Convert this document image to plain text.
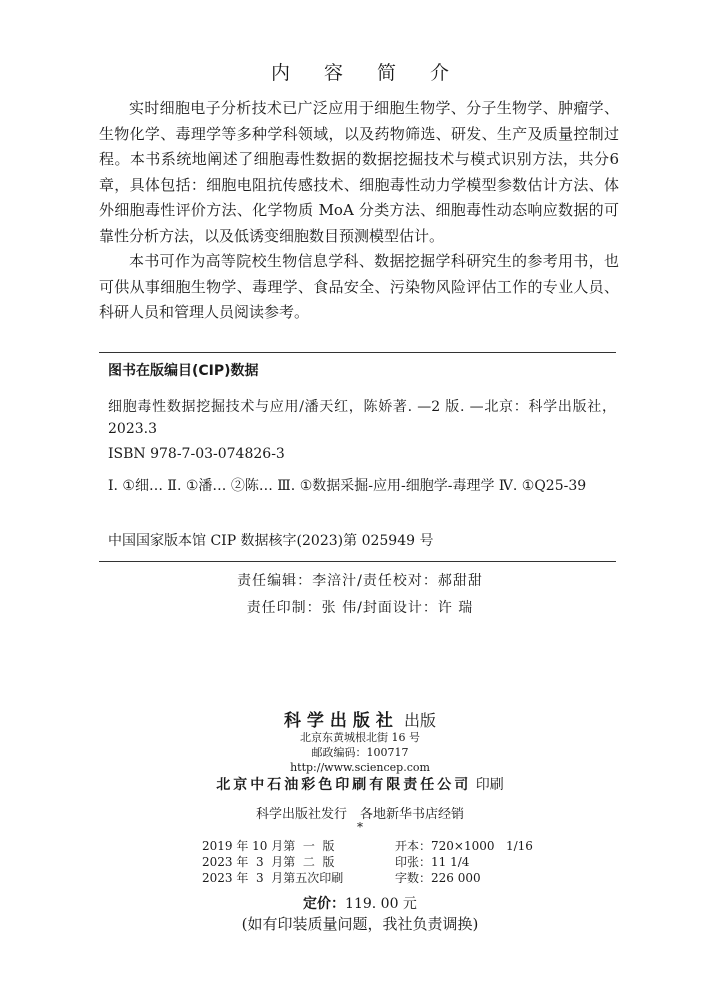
内 容 简 介

实时细胞电子分析技术已广泛应用于细胞生物学、分子生物学、肿瘤学、生物化学、毒理学等多种学科领域，以及药物筛选、研发、生产及质量控制过程。本书系统地阐述了细胞毒性数据的数据挖掘技术与模式识别方法，共分6章，具体包括：细胞电阻抗传感技术、细胞毒性动力学模型参数估计方法、体外细胞毒性评价方法、化学物质 MoA 分类方法、细胞毒性动态响应数据的可靠性分析方法，以及低诱变细胞数目预测模型估计。

本书可作为高等院校生物信息学科、数据挖掘学科研究生的参考用书，也可供从事细胞生物学、毒理学、食品安全、污染物风险评估工作的专业人员、科研人员和管理人员阅读参考。

图书在版编目(CIP)数据
细胞毒性数据挖掘技术与应用/潘天红，陈娇著. —2 版. —北京：科学出版社，2023.3
ISBN 978-7-03-074826-3
Ⅰ. ①细… Ⅱ. ①潘… ②陈… Ⅲ. ①数据采掘-应用-细胞学-毒理学 Ⅳ. ①Q25-39
中国国家版本馆 CIP 数据核字(2023)第 025949 号
责任编辑：李涪汁/责任校对：郝甜甜
责任印制：张 伟/封面设计：许 瑞
科学出版社 出版
北京东黄城根北街 16 号
邮政编码：100717
http://www.sciencep.com
北京中石油彩色印刷有限责任公司 印刷
科学出版社发行　各地新华书店经销
*
2019 年 10 月第  一  版	开本：720×1000   1/16
2023 年  3  月第  二  版	印张：11 1/4
2023 年  3  月第五次印刷	字数：226 000
定价：119. 00 元
(如有印装质量问题，我社负责调换)
